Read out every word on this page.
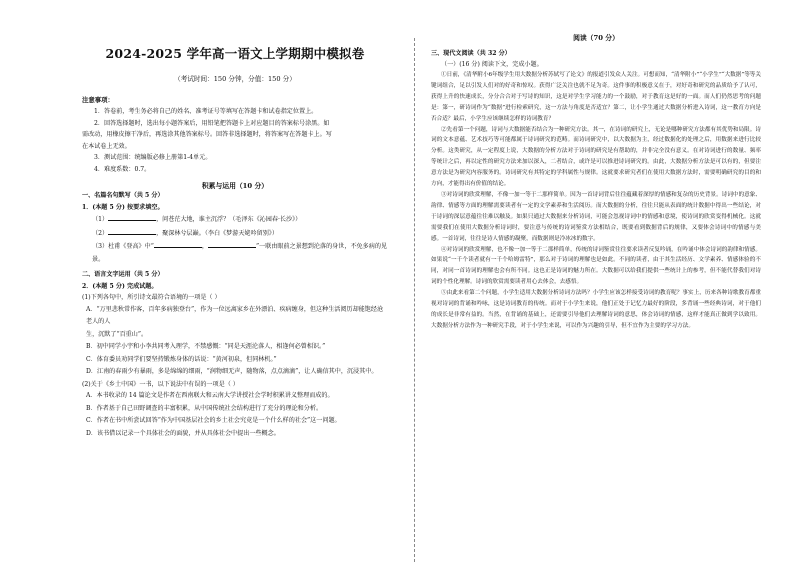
2024-2025 学年高一语文上学期期中模拟卷
（考试时间：150 分钟，分值：150 分）
注意事项：
1．答卷前，考生务必将自己的姓名、准考证号等填写在答题卡和试卷指定位置上。
2．回答选择题时，选出每小题答案后，用铅笔把答题卡上对应题目的答案标号涂黑。如
需改动，用橡皮擦干净后，再选涂其他答案标号。回答非选择题时，将答案写在答题卡上。写
在本试卷上无效。
3．测试范围：统编版必修上册第1-4单元。
4．难度系数：0.7。
积累与运用（10 分）
一、名篇名句默写（共 5 分）
1．(本题 5 分) 按要求填空。
（1）	，问苍茫大地，谁主沉浮？（毛泽东《沁园春·长沙》）
（2）	，聚深林兮层巅。（李白《梦游天姥吟留别》）
（3）杜甫《登高》中“	，	”一联由眼前之景想到沦落的身世，不免多病的见景。
二、语言文字运用（共 5 分）
2．(本题 5 分) 完成试题。
(1)下列各句中，所引诗文最符合语境的一项是（ ）
A．“万里悲秋常作客，百年多病独登台”，作为一位远离家乡在外漂泊、疾病缠身，但这种生活阅历却能饱经沧老人的人
生，沉默了“百重山”。
B．初中同学小宇和小李共同考入理学，不禁感慨：“同是天涯沦落人，相逢何必曾相识。”
C．体育委员劝同学们要坚持锻炼身体的话说：“黄河初泉，但同林机。”
D．江南的春雨少有暴雨，多是绵绵的细雨，“润物细无声，随物落，点点滴滴”，让人确信其中，沉浸其中。
(2)关于《乡土中国》一书，以下说法中有误的一项是（ ）
A．本书收录的 14 篇论文是作者在西南联大和云南大学讲授社会学时积累讲义整理而成的。
B．作者基于自己田野调查的丰富积累，从中国传统社会结构进行了充分的理论和分析。
C．作者在书中所尝试回答“作为中国基层社会的乡土社会究竟是一个什么样的社会”这一问题。
D．该书借以记录一个具体社会的面貌，并从具体社会中提出一些概念。
阅读（70 分）
三、现代文阅读（共 32 分）
（一）(16 分) 阅读下文，完成小题。
①日前，《清华附小6年级学生用大数据分析苏轼写了论文》的报道引发众人关注。可想而知，“清华附小”“小学生”“大数据”等等关键词组合，足以引发人们对的好奇和惊叹。获得广泛关注也就不足为奇。这件事的积极意义在于，对好奇和研究的品质给予了认可，获得上升的快速成长，分分合合对于写诗的知识，这是对学生学习能力的一个鼓励，对于教育这是好的一面。而人们仍然思考的问题是：第一，研诗词作为“数据”进行检索研究，这一方法与角度是否适宜？第二，让小学生通过大数据分析进入诗词，这一教育方向是否合适？最后，小学生应该继续怎样的诗词教育？
②先看第一个问题，诗词与大数据能否结合为一种研究方法。其一，在诗词的研究上，无论是哪种研究方法都有其优势和局限。诗词的文本意蕴、艺术技巧等可能都属于诗词研究的范畴。而诗词研究中，以大数据为主，经过数据化的处理之后，用数据来进行比较分析。这类研究，从一定程度上说，大数据的分析方法对于诗词的研究是有帮助的，并非完全没有意义。在对诗词进行的数量、频率等统计之后，再以定性的研究方法来加以深入，二者结合，或许是可以推进诗词研究的。由此，大数据分析方法是可以有的，但要注意方法是为研究内容服务的。诗词研究有其特定的学科属性与规律。这就要求研究者们在使用大数据方法时，需要明确研究的目的和方向，才能得出有价值的结论。
③对诗词的欣赏理解，不像一加一等于二那样简单。因为一首诗词背后往往蕴藏着深厚的情感和复杂的历史背景。诗词中的意象、韵律、情感等方面的理解需要读者有一定的文学素养和生活阅历。而大数据的分析，往往只能从表面的统计数据中得出一些结论，对于诗词的深层意蕴往往难以触及。如果只通过大数据来分析诗词，可能会忽视诗词中的情感和意境，使诗词的欣赏变得机械化。这就需要我们在使用大数据分析诗词时，要注意与传统的诗词鉴赏方法相结合，既要看到数据背后的规律，又要体会诗词中的情感与美感。一首诗词，往往是诗人情感的凝聚，而数据则是冷冰冰的数字。
④对诗词的欣赏理解，也不像一加一等于二那样简单，传统的诗词鉴赏往往要求读者反复吟诵，在吟诵中体会诗词的韵律和情感。如果说“一千个读者就有一千个哈姆雷特”，那么对于诗词的理解也是如此。不同的读者，由于其生活经历、文学素养、情感体验的不同，对同一首诗词的理解也会有所不同。这也正是诗词的魅力所在。大数据可以给我们提供一些统计上的参考，但不能代替我们对诗词的个性化理解。诗词的欣赏需要读者用心去体会，去感悟。
⑤由此来看第二个问题，小学生适用大数据分析诗词方法吗？小学生应该怎样接受诗词的教育呢？事实上，历来各种诗歌教育都重视对诗词的背诵和吟咏，这是诗词教育的传统。而对于小学生来说，他们正处于记忆力最好的阶段，多背诵一些经典诗词，对于他们的成长是非常有益的。当然，在背诵的基础上，还需要引导他们去理解诗词的意思，体会诗词的情感，这样才能真正做到学以致用。大数据分析方法作为一种研究手段，对于小学生来说，可以作为兴趣的引导，但不宜作为主要的学习方法。
